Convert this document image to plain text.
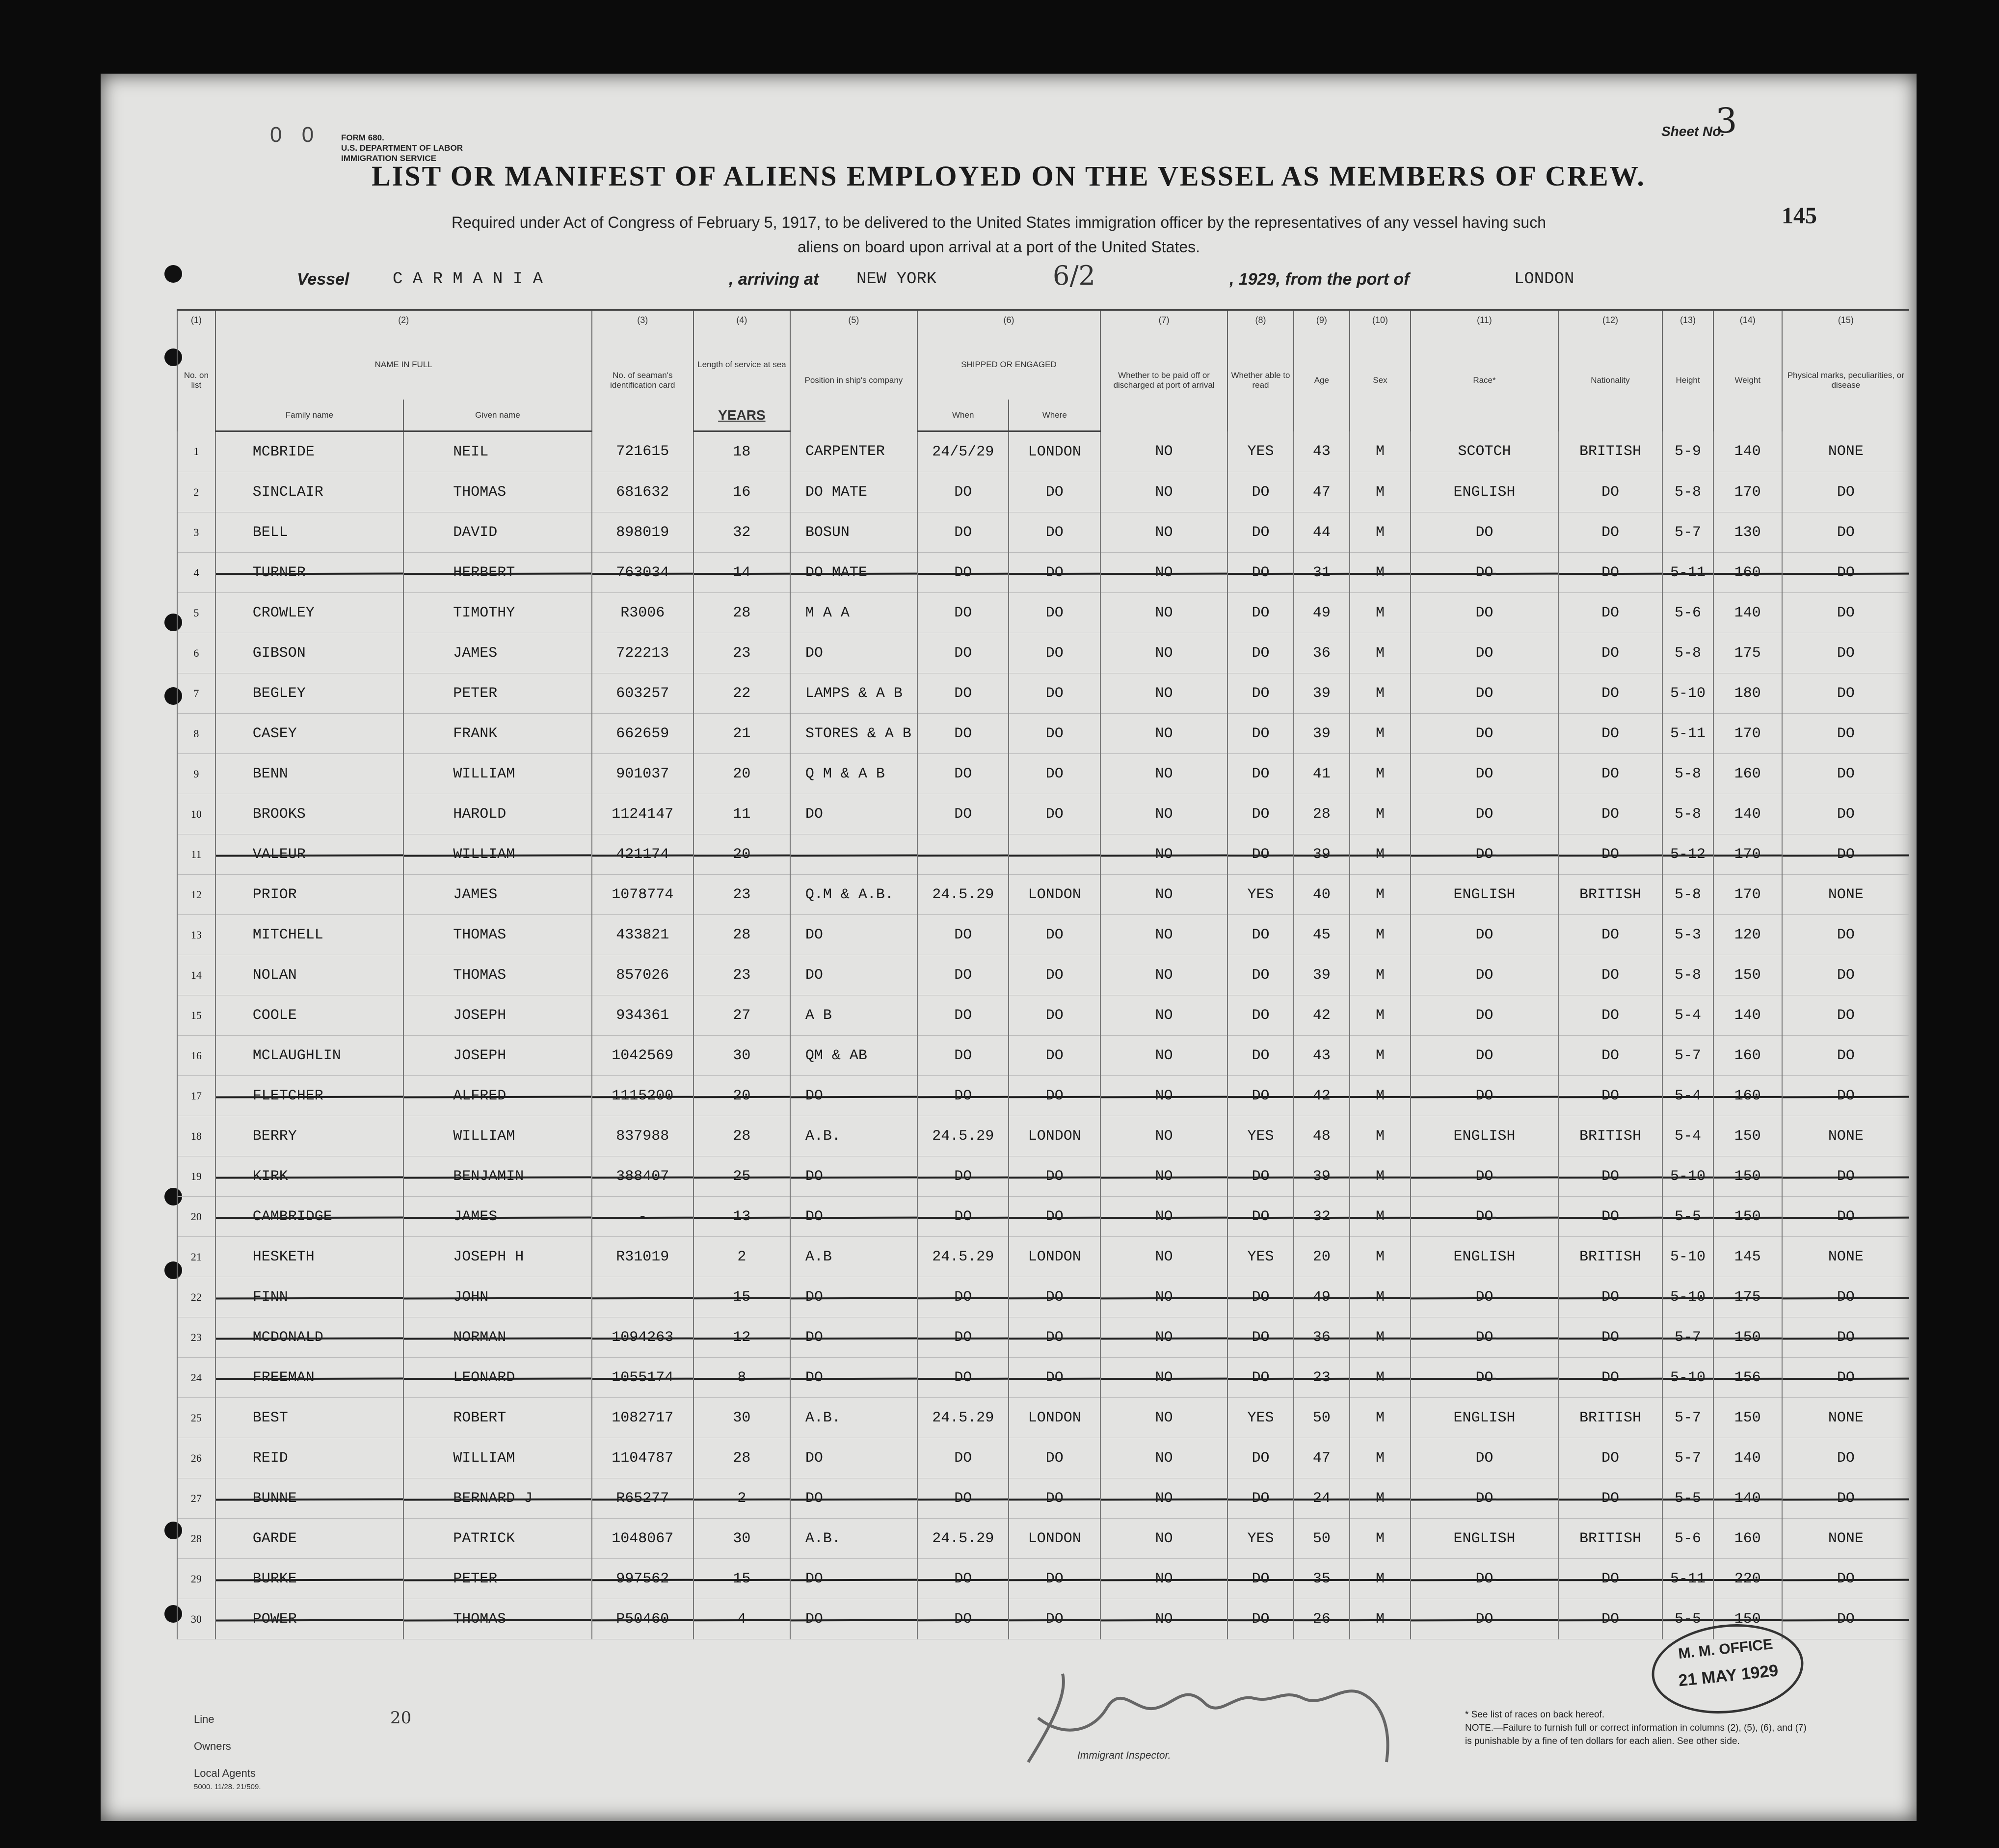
0 0 FORM 680.
U.S. DEPARTMENT OF LABOR
IMMIGRATION SERVICE
Sheet No.
3
LIST OR MANIFEST OF ALIENS EMPLOYED ON THE VESSEL AS MEMBERS OF CREW.
Required under Act of Congress of February 5, 1917, to be delivered to the United States immigration officer by the representatives of any vessel having such
aliens on board upon arrival at a port of the United States.
145
Vessel	C A R M A N I A	, arriving at NEW YORK	6/2	, 1929, from the port of	LONDON
(1)	(2)		(3)	(4)	(5)	(6)		(7)	(8)	(9)	(10)	(11)	(12)	(13)	(14)	(15)
No. on list	NAME IN FULL		No. of seaman's identification card	Length of service at sea	Position in ship's company	SHIPPED OR ENGAGED		Whether to be paid off or discharged at port of arrival	Whether able to read	Age	Sex	Race*	Nationality	Height	Weight	Physical marks, peculiarities, or disease
	Family name	Given name		YEARS		When	Where									
1	MCBRIDE	NEIL	721615	18	CARPENTER	24/5/29	LONDON	NO	YES	43	M	SCOTCH	BRITISH	5-9	140	NONE
2	SINCLAIR	THOMAS	681632	16	DO MATE	DO	DO	NO	DO	47	M	ENGLISH	DO	5-8	170	DO
3	BELL	DAVID	898019	32	BOSUN	DO	DO	NO	DO	44	M	DO	DO	5-7	130	DO
4	TURNER	HERBERT	763034	14	DO MATE	DO	DO	NO	DO	31	M	DO	DO	5-11	160	DO
5	CROWLEY	TIMOTHY	R3006	28	M A A	DO	DO	NO	DO	49	M	DO	DO	5-6	140	DO
6	GIBSON	JAMES	722213	23	DO	DO	DO	NO	DO	36	M	DO	DO	5-8	175	DO
7	BEGLEY	PETER	603257	22	LAMPS & A B	DO	DO	NO	DO	39	M	DO	DO	5-10	180	DO
8	CASEY	FRANK	662659	21	STORES & A B	DO	DO	NO	DO	39	M	DO	DO	5-11	170	DO
9	BENN	WILLIAM	901037	20	Q M & A B	DO	DO	NO	DO	41	M	DO	DO	5-8	160	DO
10	BROOKS	HAROLD	1124147	11	DO	DO	DO	NO	DO	28	M	DO	DO	5-8	140	DO
11	VALEUR	WILLIAM	421174	20				NO	DO	39	M	DO	DO	5-12	170	DO
12	PRIOR	JAMES	1078774	23	Q.M & A.B.	24.5.29	LONDON	NO	YES	40	M	ENGLISH	BRITISH	5-8	170	NONE
13	MITCHELL	THOMAS	433821	28	DO	DO	DO	NO	DO	45	M	DO	DO	5-3	120	DO
14	NOLAN	THOMAS	857026	23	DO	DO	DO	NO	DO	39	M	DO	DO	5-8	150	DO
15	COOLE	JOSEPH	934361	27	A B	DO	DO	NO	DO	42	M	DO	DO	5-4	140	DO
16	MCLAUGHLIN	JOSEPH	1042569	30	QM & AB	DO	DO	NO	DO	43	M	DO	DO	5-7	160	DO
17	FLETCHER	ALFRED	1115200	20	DO	DO	DO	NO	DO	42	M	DO	DO	5-4	160	DO
18	BERRY	WILLIAM	837988	28	A.B.	24.5.29	LONDON	NO	YES	48	M	ENGLISH	BRITISH	5-4	150	NONE
19	KIRK	BENJAMIN	388407	25	DO	DO	DO	NO	DO	39	M	DO	DO	5-10	150	DO
20	CAMBRIDGE	JAMES	-	13	DO	DO	DO	NO	DO	32	M	DO	DO	5-5	150	DO
21	HESKETH	JOSEPH H	R31019	2	A.B	24.5.29	LONDON	NO	YES	20	M	ENGLISH	BRITISH	5-10	145	NONE
22	FINN	JOHN		15	DO	DO	DO	NO	DO	49	M	DO	DO	5-10	175	DO
23	MCDONALD	NORMAN	1094263	12	DO	DO	DO	NO	DO	36	M	DO	DO	5-7	150	DO
24	FREEMAN	LEONARD	1055174	8	DO	DO	DO	NO	DO	23	M	DO	DO	5-10	156	DO
25	BEST	ROBERT	1082717	30	A.B.	24.5.29	LONDON	NO	YES	50	M	ENGLISH	BRITISH	5-7	150	NONE
26	REID	WILLIAM	1104787	28	DO	DO	DO	NO	DO	47	M	DO	DO	5-7	140	DO
27	BUNNE	BERNARD J	R65277	2	DO	DO	DO	NO	DO	24	M	DO	DO	5-5	140	DO
28	GARDE	PATRICK	1048067	30	A.B.	24.5.29	LONDON	NO	YES	50	M	ENGLISH	BRITISH	5-6	160	NONE
29	BURKE	PETER	997562	15	DO	DO	DO	NO	DO	35	M	DO	DO	5-11	220	DO
30	POWER	THOMAS	P50460	4	DO	DO	DO	NO	DO	26	M	DO	DO	5-5	150	DO
20
Immigrant Inspector.
Line
Owners
Local Agents
5000. 11/28. 21/509.
* See list of races on back hereof.
NOTE.—Failure to furnish full or correct information in columns (2), (5), (6), and (7)
is punishable by a fine of ten dollars for each alien. See other side.
M. M. OFFICE
21 MAY 1929
